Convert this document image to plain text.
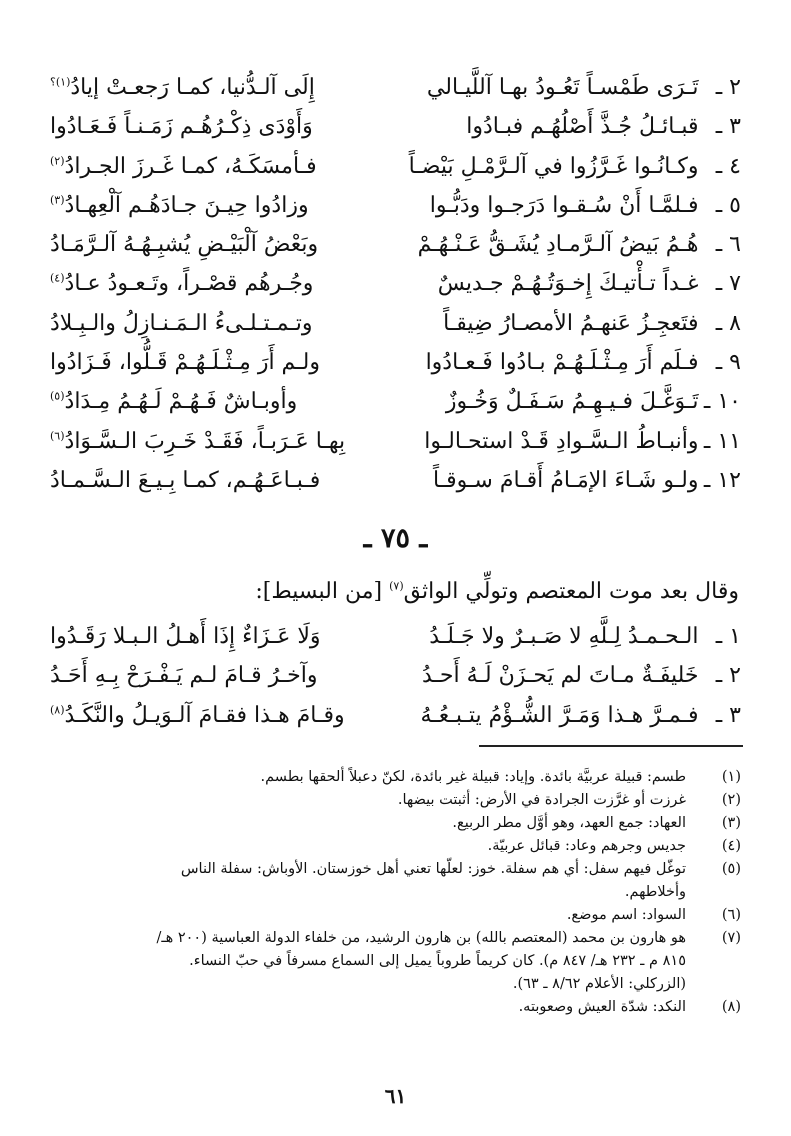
٢ ـ
تَـرَى طَمْسـاً تَعُـودُ بهـا آللَّيـالي
إِلَى آلـدُّنيا، كمـا رَجعـتْ إيادُ$^{(١)؟}$
٣ ـ
قبـائـلُ جُـذَّ أَصْلُهُـم فبـادُوا
وَأَوْدَى ذِكْـرُهُـم زَمَـنـاً فَـعَـادُوا
٤ ـ
وكـانُـوا غَـرَّزُوا في آلـرَّمْـلِ بَيْضـاً
فـأمسَكَـهُ، كمـا غَـرزَ الجـرادُ$^{(٢)}$
٥ ـ
فـلمَّـا أَنْ سُـقـوا دَرَجـوا ودَبُّـوا
وزادُوا حِيـنَ جـادَهُـم آلْعِهـادُ$^{(٣)}$
٦ ـ
هُـمُ بَيضُ آلـرَّمـادِ يُشَـقُّ عَـنْـهُـمْ
وبَعْضُ آلْبَيْـضِ يُشبِـهُـهُ آلـرَّمَـادُ
٧ ـ
غـداً تـأْتيـكَ إِخـوَتُـهُـمْ جـديسٌ
وجُـرهُم قصْـراً، وتَـعـودُ عـادُ$^{(٤)}$
٨ ـ
فتَعجِـزُ عَنهـمُ الأمصـارُ ضِيقـاً
وتـمـتـلـىءُ الـمَـنـازِلُ والـبِـلادُ
٩ ـ
فـلَم أَرَ مِـثْـلَـهُـمْ بـادُوا فَـعـادُوا
ولـم أَرَ مِـثْـلَـهُـمْ قَـلُّوا، فَـزَادُوا
١٠ ـ
تَـوَغَّـلَ فـيـهِـمُ سَـفَـلٌ وَخُـوزٌ
وأوبـاشٌ فَـهُـمْ لَـهُـمُ مِـدَادُ$^{(٥)}$
١١ ـ
وأنبـاطُ الـسَّـوادِ قَـدْ استحـالـوا
بِهـا عَـرَبـاً، فَقَـدْ خَـرِبَ الـسَّـوَادُ$^{(٦)}$
١٢ ـ
ولـو شَـاءَ الإمَـامُ أَقـامَ سـوقـاً
فـبـاعَـهُـم، كمـا بِـيـعَ الـسَّـمـادُ
ـ ٧٥ ـ
وقال بعد موت المعتصم وتولِّي الواثق$^{(٧)}$ [من البسيط]:
١ ـ
الـحـمـدُ لِـلَّهِ لا صَـبـرٌ ولا جَـلَـدُ
وَلَا عَـزَاءٌ إِذَا أَهـلُ الـبـلا رَقَـدُوا
٢ ـ
خَليفَـةٌ مـاتَ لم يَحـزَنْ لَـهُ أَحـدُ
وآخـرُ قـامَ لـم يَـفْـرَحْ بِـهِ أَحَـدُ
٣ ـ
فـمـرَّ هـذا وَمَـرَّ الشُّـؤْمُ يتـبـعُـهُ
وقـامَ هـذا فقـامَ آلـوَيـلُ والنَّكَـدُ$^{(٨)}$
(١)
طسم: قبيلة عربيَّة بائدة. وإياد: قبيلة غير بائدة، لكنّ دعبلاً ألحقها بطسم.
(٢)
غرزت أو غرَّزت الجرادة في الأرض: أثبتت بيضها.
(٣)
العهاد: جمع العهد، وهو أوَّل مطر الربيع.
(٤)
جديس وجرهم وعاد: قبائل عربيّة.
(٥)
توغّل فيهم سفل: أي هم سفلة. خوز: لعلّها تعني أهل خوزستان. الأوباش: سفلة الناس
وأخلاطهم.
(٦)
السواد: اسم موضع.
(٧)
هو هارون بن محمد (المعتصم بالله) بن هارون الرشيد، من خلفاء الدولة العباسية (٢٠٠ هـ/
٨١٥ م ـ ٢٣٢ هـ/ ٨٤٧ م). كان كريماً طروباً يميل إلى السماع مسرفاً في حبّ النساء.
(الزركلي: الأعلام ٨/٦٢ ـ ٦٣).
(٨)
النكد: شدّة العيش وصعوبته.
٦١
